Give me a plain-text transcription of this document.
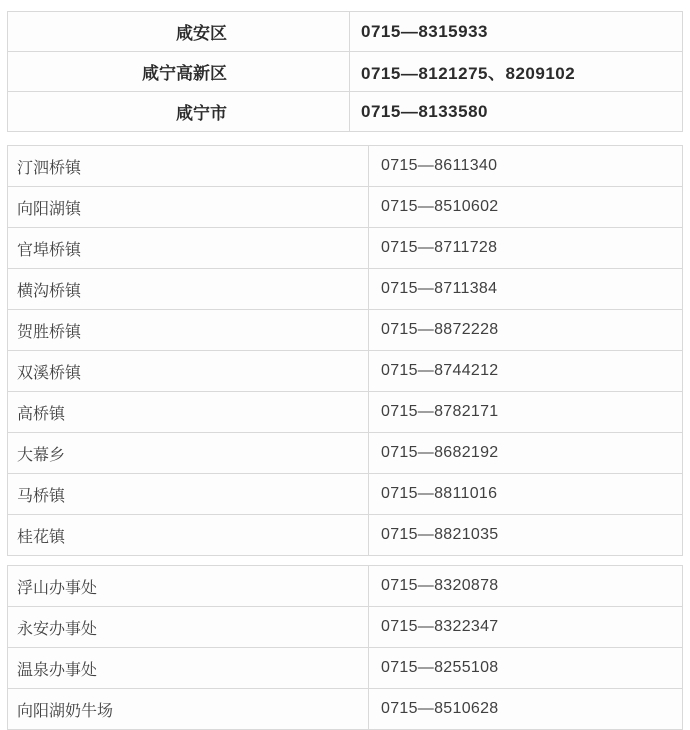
咸安区	0715—8315933
咸宁高新区	0715—8121275、8209102
咸宁市	0715—8133580
汀泗桥镇	0715—8611340
向阳湖镇	0715—8510602
官埠桥镇	0715—8711728
横沟桥镇	0715—8711384
贺胜桥镇	0715—8872228
双溪桥镇	0715—8744212
高桥镇	0715—8782171
大幕乡	0715—8682192
马桥镇	0715—8811016
桂花镇	0715—8821035
浮山办事处	0715—8320878
永安办事处	0715—8322347
温泉办事处	0715—8255108
向阳湖奶牛场	0715—8510628
